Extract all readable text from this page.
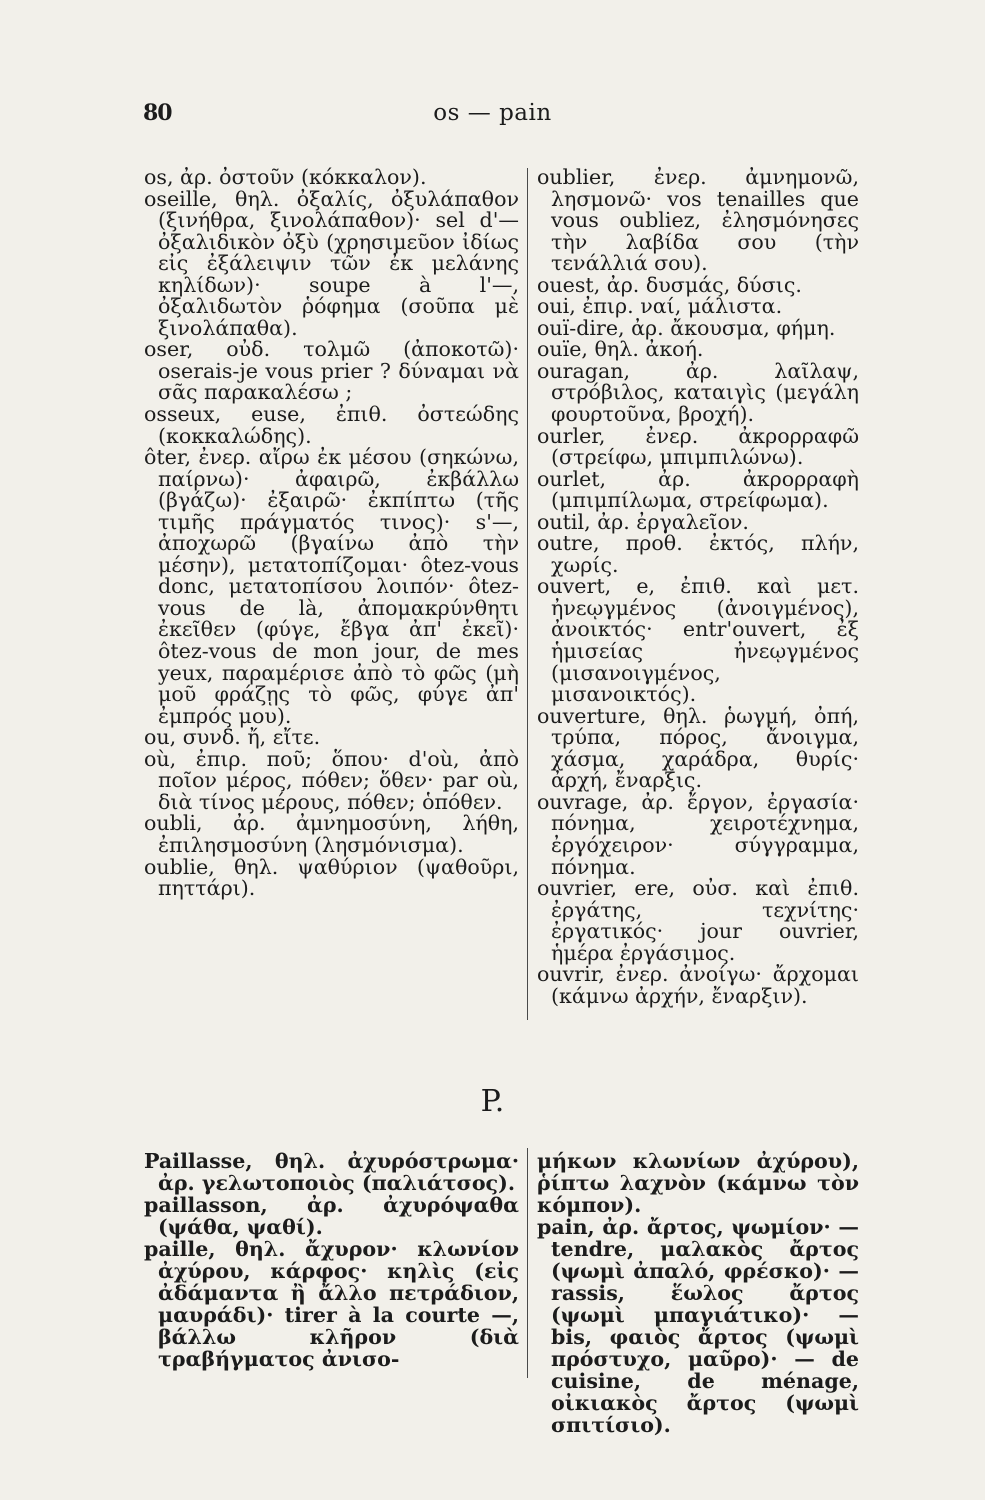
80	os — pain

os, ἀρ. ὀστοῦν (κόκκαλον).

oseille, θηλ. ὀξαλίς, ὀξυλάπαθον (ξινήθρα, ξινολάπαθον)· sel d'— ὀξαλιδικὸν ὀξὺ (χρησιμεῦον ἰδίως εἰς ἐξάλειψιν τῶν ἐκ μελάνης κηλίδων)· soupe à l'—, ὀξαλιδωτὸν ῥόφημα (σοῦπα μὲ ξινολάπαθα).

oser, οὐδ. τολμῶ (ἀποκοτῶ)· oserais-je vous prier ? δύναμαι νὰ σᾶς παρακαλέσω ;

osseux, euse, ἐπιθ. ὀστεώδης (κοκκαλώδης).

ôter, ἐνερ. αἴρω ἐκ μέσου (σηκώνω, παίρνω)· ἀφαιρῶ, ἐκβάλλω (βγάζω)· ἐξαιρῶ· ἐκπίπτω (τῆς τιμῆς πράγματός τινος)· s'—, ἀποχωρῶ (βγαίνω ἀπὸ τὴν μέσην), μετατοπίζομαι· ôtez-vous donc, μετατοπίσου λοιπόν· ôtez-vous de là, ἀπομακρύνθητι ἐκεῖθεν (φύγε, ἔβγα ἀπ' ἐκεῖ)· ôtez-vous de mon jour, de mes yeux, παραμέρισε ἀπὸ τὸ φῶς (μὴ μοῦ φράζῃς τὸ φῶς, φύγε ἀπ' ἐμπρός μου).

ou, συνδ. ἤ, εἴτε.

où, ἐπιρ. ποῦ; ὅπου· d'où, ἀπὸ ποῖον μέρος, πόθεν; ὅθεν· par où, διὰ τίνος μέρους, πόθεν; ὁπόθεν.

oubli, ἀρ. ἀμνημοσύνη, λήθη, ἐπιλησμοσύνη (λησμόνισμα).

oublie, θηλ. ψαθύριον (ψαθοῦρι, πηττάρι).

oublier, ἐνερ. ἀμνημονῶ, λησμονῶ· vos tenailles que vous oubliez, ἐλησμόνησες τὴν λαβίδα σου (τὴν τενάλλιά σου).

ouest, ἀρ. δυσμάς, δύσις.

oui, ἐπιρ. ναί, μάλιστα.

ouï-dire, ἀρ. ἄκουσμα, φήμη.

ouïe, θηλ. ἀκοή.

ouragan, ἀρ. λαῖλαψ, στρόβιλος, καταιγὶς (μεγάλη φουρτοῦνα, βροχή).

ourler, ἐνερ. ἀκρορραφῶ (στρείφω, μπιμπιλώνω).

ourlet, ἀρ. ἀκρορραφὴ (μπιμπίλωμα, στρείφωμα).

outil, ἀρ. ἐργαλεῖον.

outre, προθ. ἐκτός, πλήν, χωρίς.

ouvert, e, ἐπιθ. καὶ μετ. ἠνεῳγμένος (ἀνοιγμένος), ἀνοικτός· entr'ouvert, ἐξ ἡμισείας ἠνεῳγμένος (μισανοιγμένος, μισανοικτός).

ouverture, θηλ. ῥωγμή, ὀπή, τρύπα, πόρος, ἄνοιγμα, χάσμα, χαράδρα, θυρίς· ἀρχή, ἔναρξις.

ouvrage, ἀρ. ἔργον, ἐργασία· πόνημα, χειροτέχνημα, ἐργόχειρον· σύγγραμμα, πόνημα.

ouvrier, ere, οὐσ. καὶ ἐπιθ. ἐργάτης, τεχνίτης· ἐργατικός· jour ouvrier, ἡμέρα ἐργάσιμος.

ouvrir, ἐνερ. ἀνοίγω· ἄρχομαι (κάμνω ἀρχήν, ἔναρξιν).

P.

Paillasse, θηλ. ἀχυρόστρωμα· ἀρ. γελωτοποιὸς (παλιάτσος).

paillasson, ἀρ. ἀχυρόψαθα (ψάθα, ψαθί).

paille, θηλ. ἄχυρον· κλωνίον ἀχύρου, κάρφος· κηλὶς (εἰς ἀδάμαντα ἢ ἄλλο πετράδιον, μαυράδι)· tirer à la courte —, βάλλω κλῆρον (διὰ τραβήγματος ἀνισο-

μήκων κλωνίων ἀχύρου), ῥίπτω λαχνὸν (κάμνω τὸν κόμπον).

pain, ἀρ. ἄρτος, ψωμίον· — tendre, μαλακὸς ἄρτος (ψωμὶ ἀπαλό, φρέσκο)· — rassis, ἕωλος ἄρτος (ψωμὶ μπαγιάτικο)· — bis, φαιὸς ἄρτος (ψωμὶ πρόστυχο, μαῦρο)· — de cuisine, de ménage, οἰκιακὸς ἄρτος (ψωμὶ σπιτίσιο).
